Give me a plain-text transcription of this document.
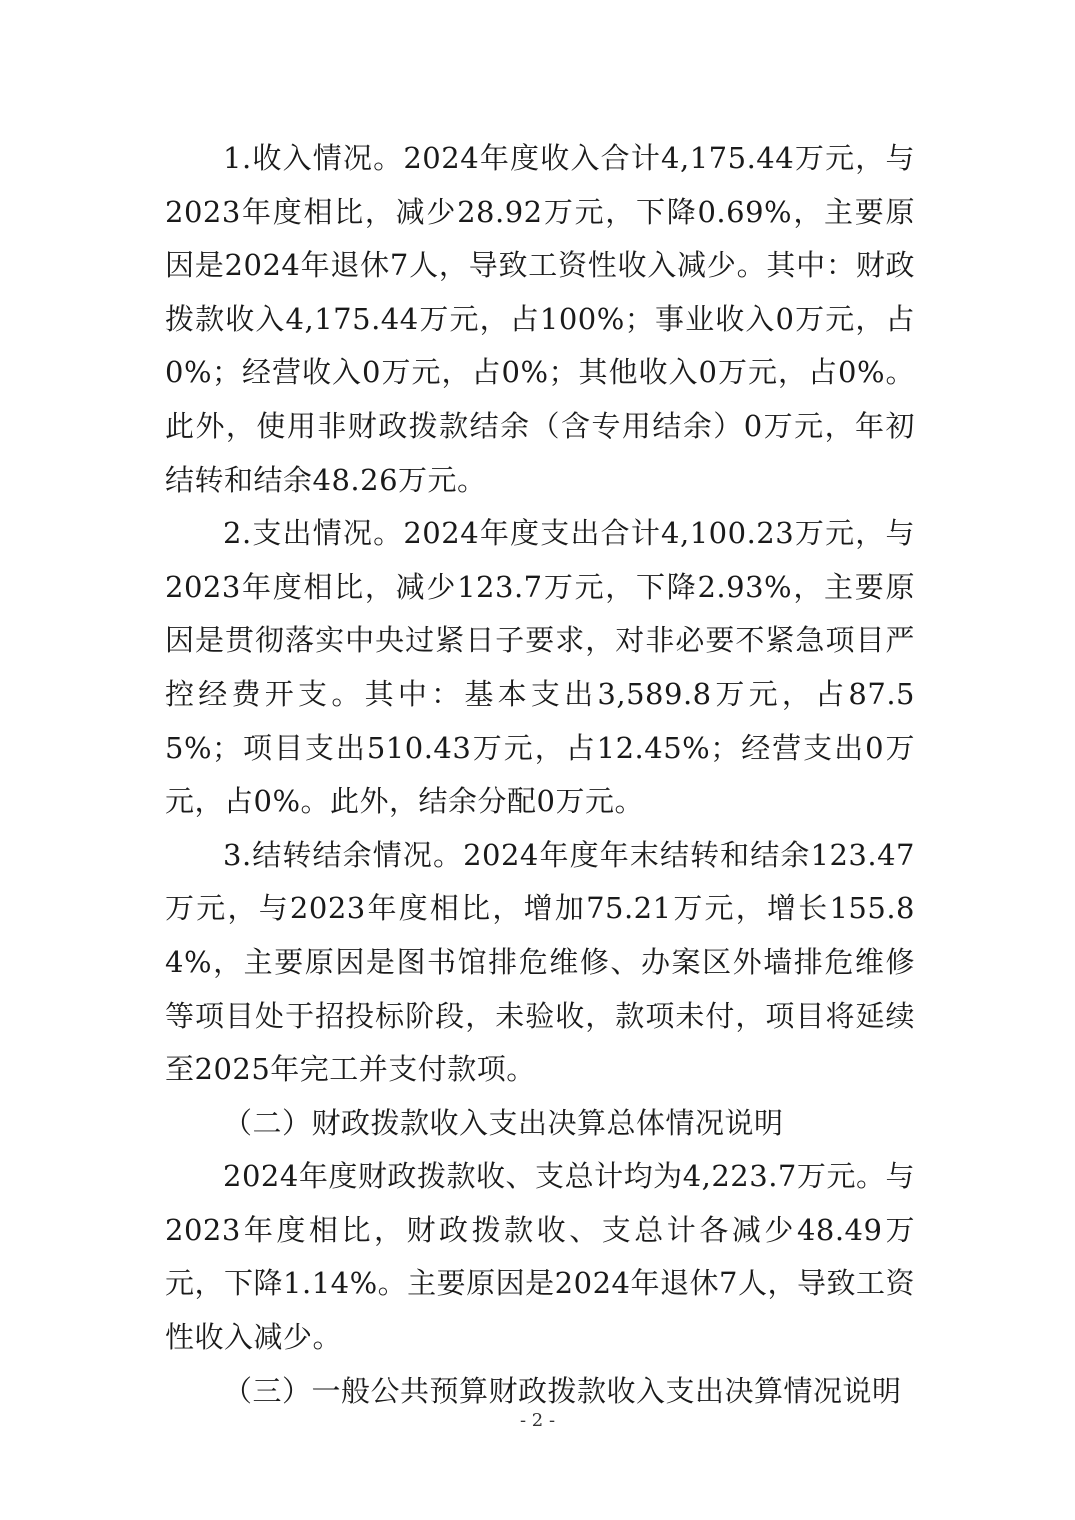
1.收入情况。2024年度收入合计4,175.44万元，与2023年度相比，减少28.92万元，下降0.69%，主要原因是2024年退休7人，导致工资性收入减少。其中：财政拨款收入4,175.44万元，占100%；事业收入0万元，占0%；经营收入0万元，占0%；其他收入0万元，占0%。此外，使用非财政拨款结余（含专用结余）0万元，年初结转和结余48.26万元。

2.支出情况。2024年度支出合计4,100.23万元，与2023年度相比，减少123.7万元，下降2.93%，主要原因是贯彻落实中央过紧日子要求，对非必要不紧急项目严控经费开支。其中：基本支出3,589.8万元，占87.55%；项目支出510.43万元，占12.45%；经营支出0万元，占0%。此外，结余分配0万元。

3.结转结余情况。2024年度年末结转和结余123.47万元，与2023年度相比，增加75.21万元，增长155.84%，主要原因是图书馆排危维修、办案区外墙排危维修等项目处于招投标阶段，未验收，款项未付，项目将延续至2025年完工并支付款项。

（二）财政拨款收入支出决算总体情况说明

2024年度财政拨款收、支总计均为4,223.7万元。与2023年度相比，财政拨款收、支总计各减少48.49万元，下降1.14%。主要原因是2024年退休7人，导致工资性收入减少。

（三）一般公共预算财政拨款收入支出决算情况说明

- 2 -
